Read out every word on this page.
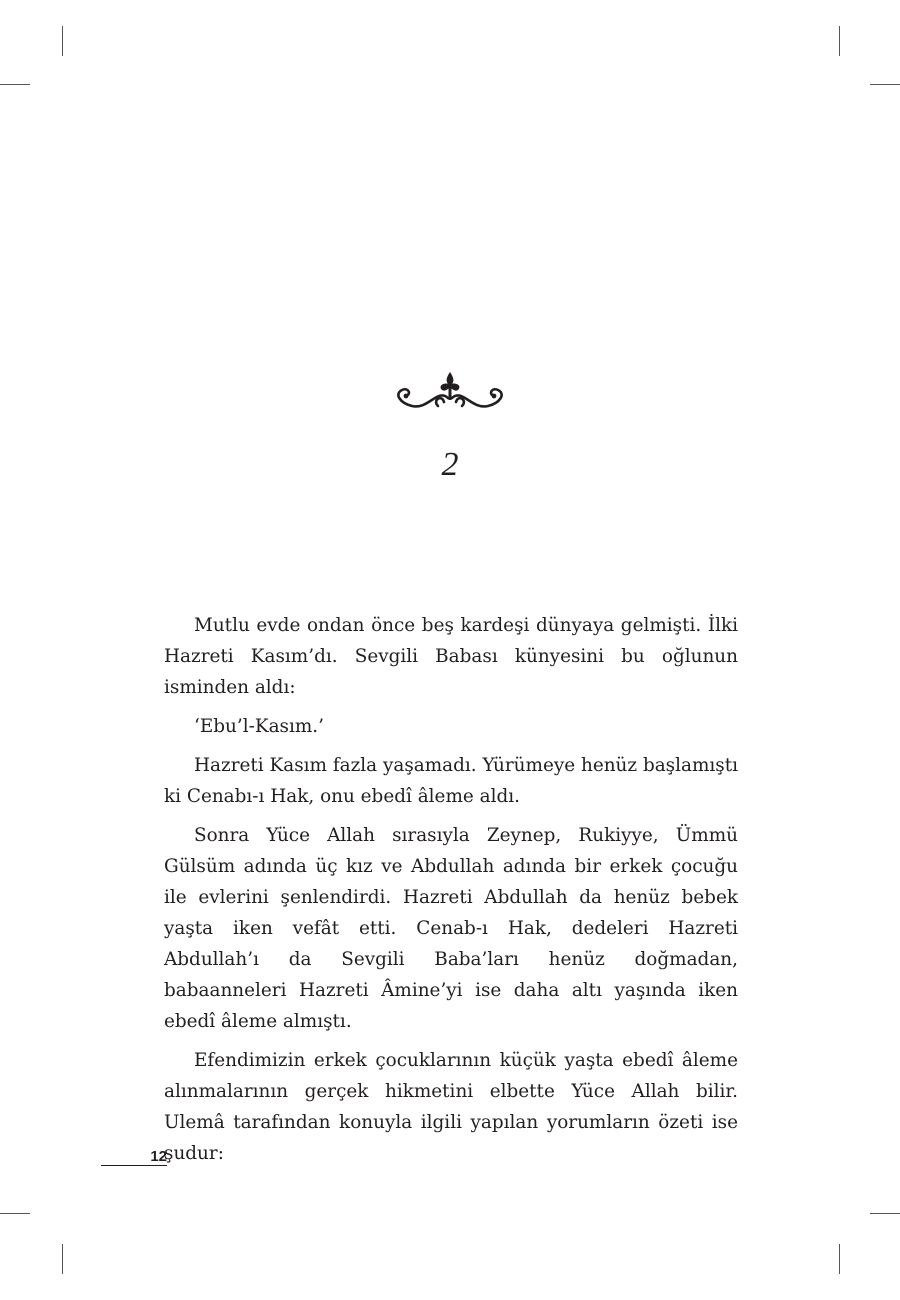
2

Mutlu evde ondan önce beş kardeşi dünyaya gelmişti. İlki Hazreti Kasım’dı. Sevgili Babası künyesini bu oğlunun isminden aldı:

‘Ebu’l-Kasım.’

Hazreti Kasım fazla yaşamadı. Yürümeye henüz başlamıştı ki Cenabı-ı Hak, onu ebedî âleme aldı.

Sonra Yüce Allah sırasıyla Zeynep, Rukiyye, Ümmü Gülsüm adında üç kız ve Abdullah adında bir erkek çocuğu ile evlerini şenlendirdi. Hazreti Abdullah da henüz bebek yaşta iken vefât etti. Cenab-ı Hak, dedeleri Hazreti Abdullah’ı da Sevgili Baba’ları henüz doğmadan, babaanneleri Hazreti Âmine’yi ise daha altı yaşında iken ebedî âleme almıştı.

Efendimizin erkek çocuklarının küçük yaşta ebedî âleme alınmalarının gerçek hikmetini elbette Yüce Allah bilir. Ulemâ tarafından konuyla ilgili yapılan yorumların özeti ise şudur:

12
